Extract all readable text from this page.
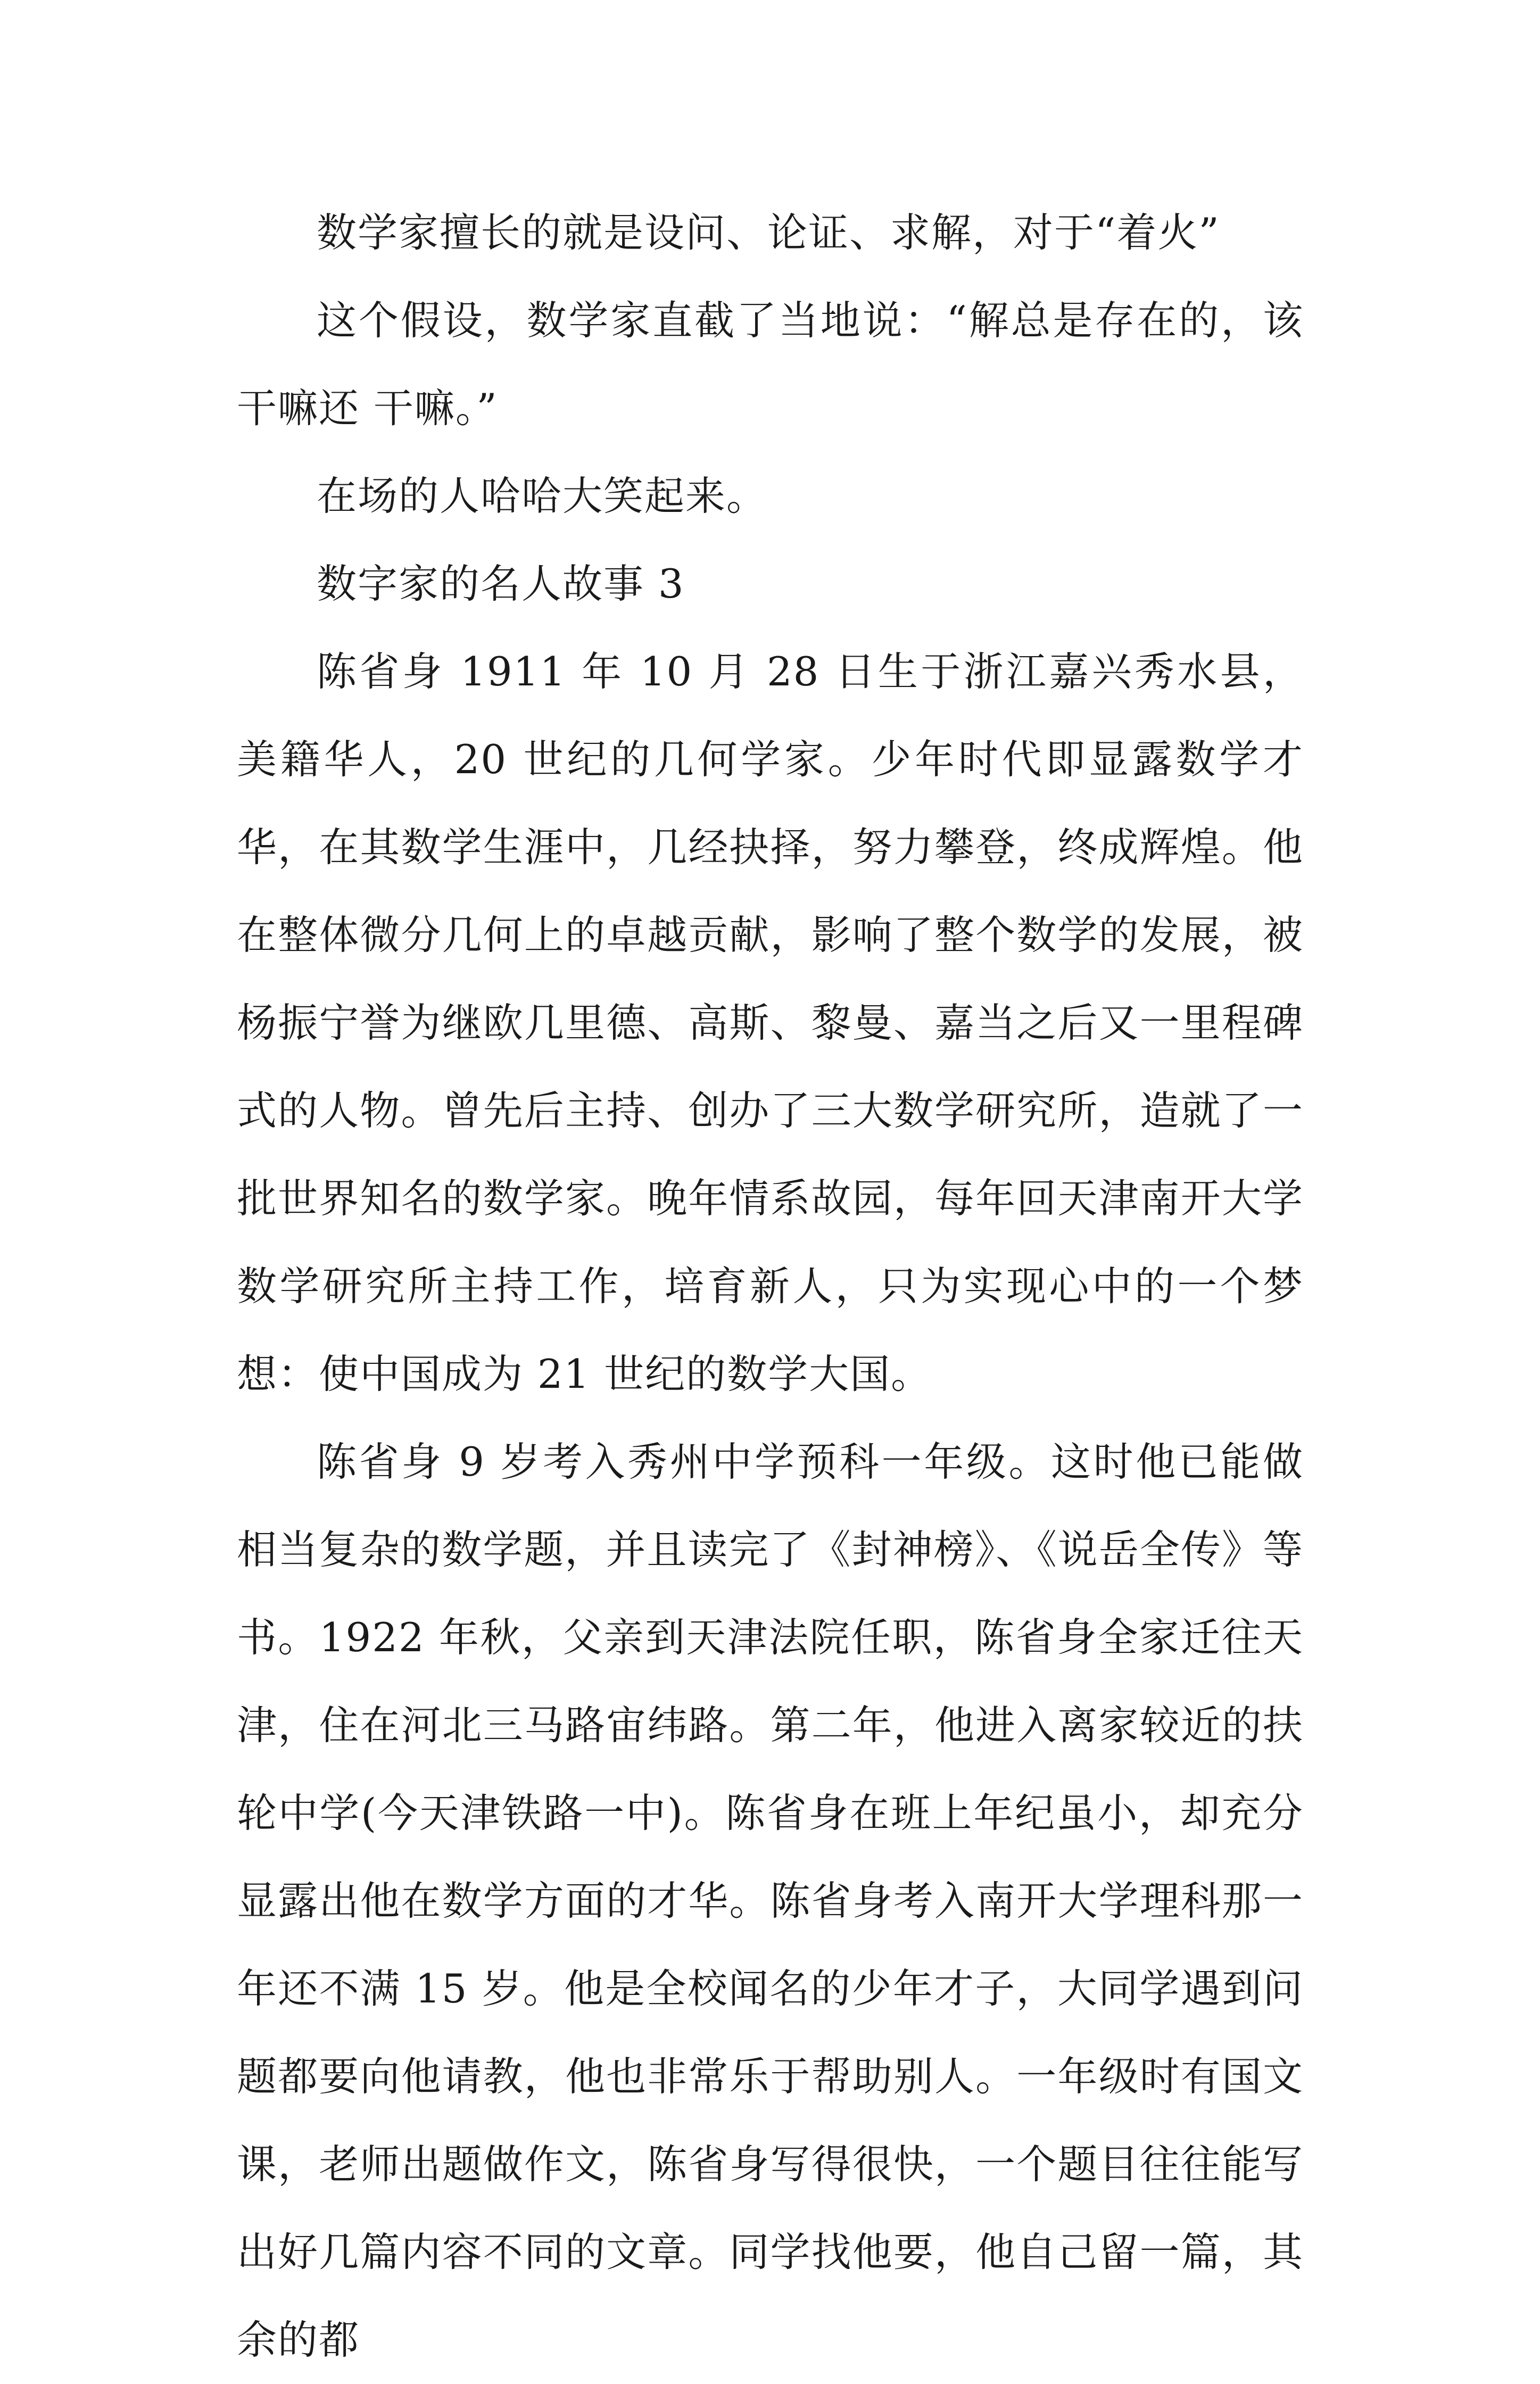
数学家擅长的就是设问、论证、求解，对于“着火”

这个假设，数学家直截了当地说：“解总是存在的，该干嘛还 干嘛。”

在场的人哈哈大笑起来。

数字家的名人故事 3

陈省身 1911 年 10 月 28 日生于浙江嘉兴秀水县，美籍华人，20 世纪的几何学家。少年时代即显露数学才华，在其数学生涯中，几经抉择，努力攀登，终成辉煌。他在整体微分几何上的卓越贡献，影响了整个数学的发展，被杨振宁誉为继欧几里德、高斯、黎曼、嘉当之后又一里程碑式的人物。曾先后主持、创办了三大数学研究所，造就了一批世界知名的数学家。晚年情系故园，每年回天津南开大学数学研究所主持工作，培育新人，只为实现心中的一个梦想：使中国成为 21 世纪的数学大国。

陈省身 9 岁考入秀州中学预科一年级。这时他已能做相当复杂的数学题，并且读完了《封神榜》、《说岳全传》等书。1922 年秋，父亲到天津法院任职，陈省身全家迁往天津，住在河北三马路宙纬路。第二年，他进入离家较近的扶轮中学(今天津铁路一中)。陈省身在班上年纪虽小，却充分显露出他在数学方面的才华。陈省身考入南开大学理科那一年还不满 15 岁。他是全校闻名的少年才子，大同学遇到问题都要向他请教，他也非常乐于帮助别人。一年级时有国文课，老师出题做作文，陈省身写得很快，一个题目往往能写出好几篇内容不同的文章。同学找他要，他自己留一篇，其余的都
